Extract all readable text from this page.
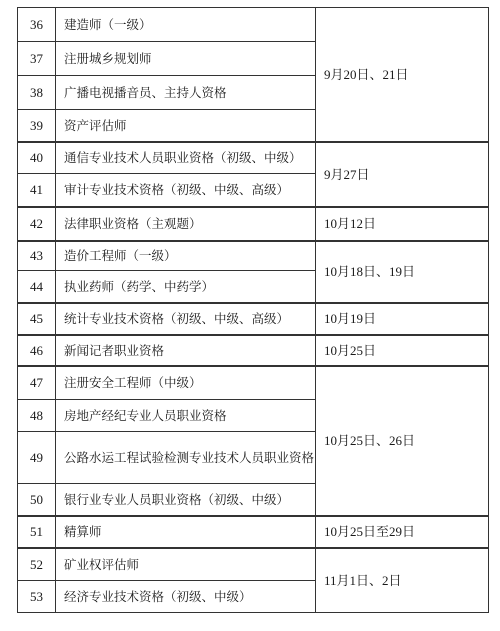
36	建造师（一级）	9月20日、21日
37	注册城乡规划师	
38	广播电视播音员、主持人资格	
39	资产评估师	
40	通信专业技术人员职业资格（初级、中级）	9月27日
41	审计专业技术资格（初级、中级、高级）	
42	法律职业资格（主观题）	10月12日
43	造价工程师（一级）	10月18日、19日
44	执业药师（药学、中药学）	
45	统计专业技术资格（初级、中级、高级）	10月19日
46	新闻记者职业资格	10月25日
47	注册安全工程师（中级）	10月25日、26日
48	房地产经纪专业人员职业资格	
49	公路水运工程试验检测专业技术人员职业资格	
50	银行业专业人员职业资格（初级、中级）	
51	精算师	10月25日至29日
52	矿业权评估师	11月1日、2日
53	经济专业技术资格（初级、中级）	
